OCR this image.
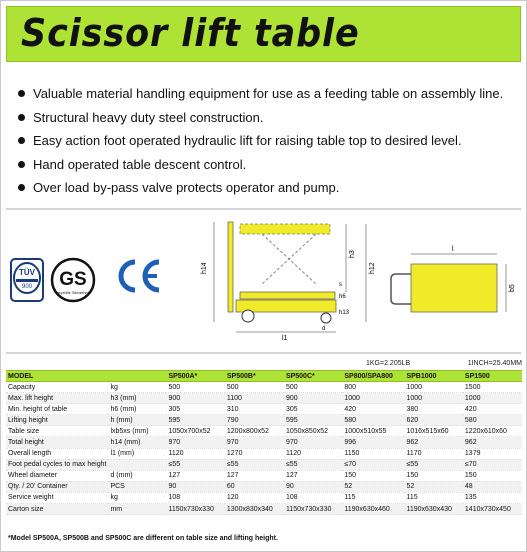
Scissor lift table
Valuable material handling equipment for use as a feeding table on assembly line.
Structural heavy duty steel construction.
Easy action foot operated hydraulic lift for raising table top to desired level.
Hand operated table descent control.
Over load by-pass valve protects operator and pump.
TÜV
900 GS
geprüfte Sicherheit
h14
h3
h12
s
h6
h13
l1
d
l
b5
1KG=2.205LB	1INCH=25.40MM
MODEL		SP500A*	SP500B*	SP500C*	SP800/SPA800	SPB1000	SP1500
Capacity	kg	500	500	500	800	1000	1500
Max. lift height	h3 (mm)	900	1100	900	1000	1000	1000
Min. height of table	h6 (mm)	305	310	305	420	380	420
Lifting height	h (mm)	595	790	595	580	620	580
Table size	lxb5xs (mm)	1050x700x52	1200x800x52	1050x850x52	1000x510x55	1016x515x60	1220x610x60
Total height	h14 (mm)	970	970	970	996	962	962
Overall length	l1 (mm)	1120	1270	1120	1150	1170	1379
Foot pedal cycles to max height		≤55	≤55	≤55	≤70	≤55	≤70
Wheel diameter	d (mm)	127	127	127	150	150	150
Qty. / 20' Container	PCS	90	60	90	52	52	48
Service weight	kg	108	120	108	115	115	135
Carton size	mm	1150x730x330	1300x830x340	1150x730x330	1190x630x460	1190x630x430	1410x730x450
*Model SP500A, SP500B and SP500C are different on table size and lifting height.
